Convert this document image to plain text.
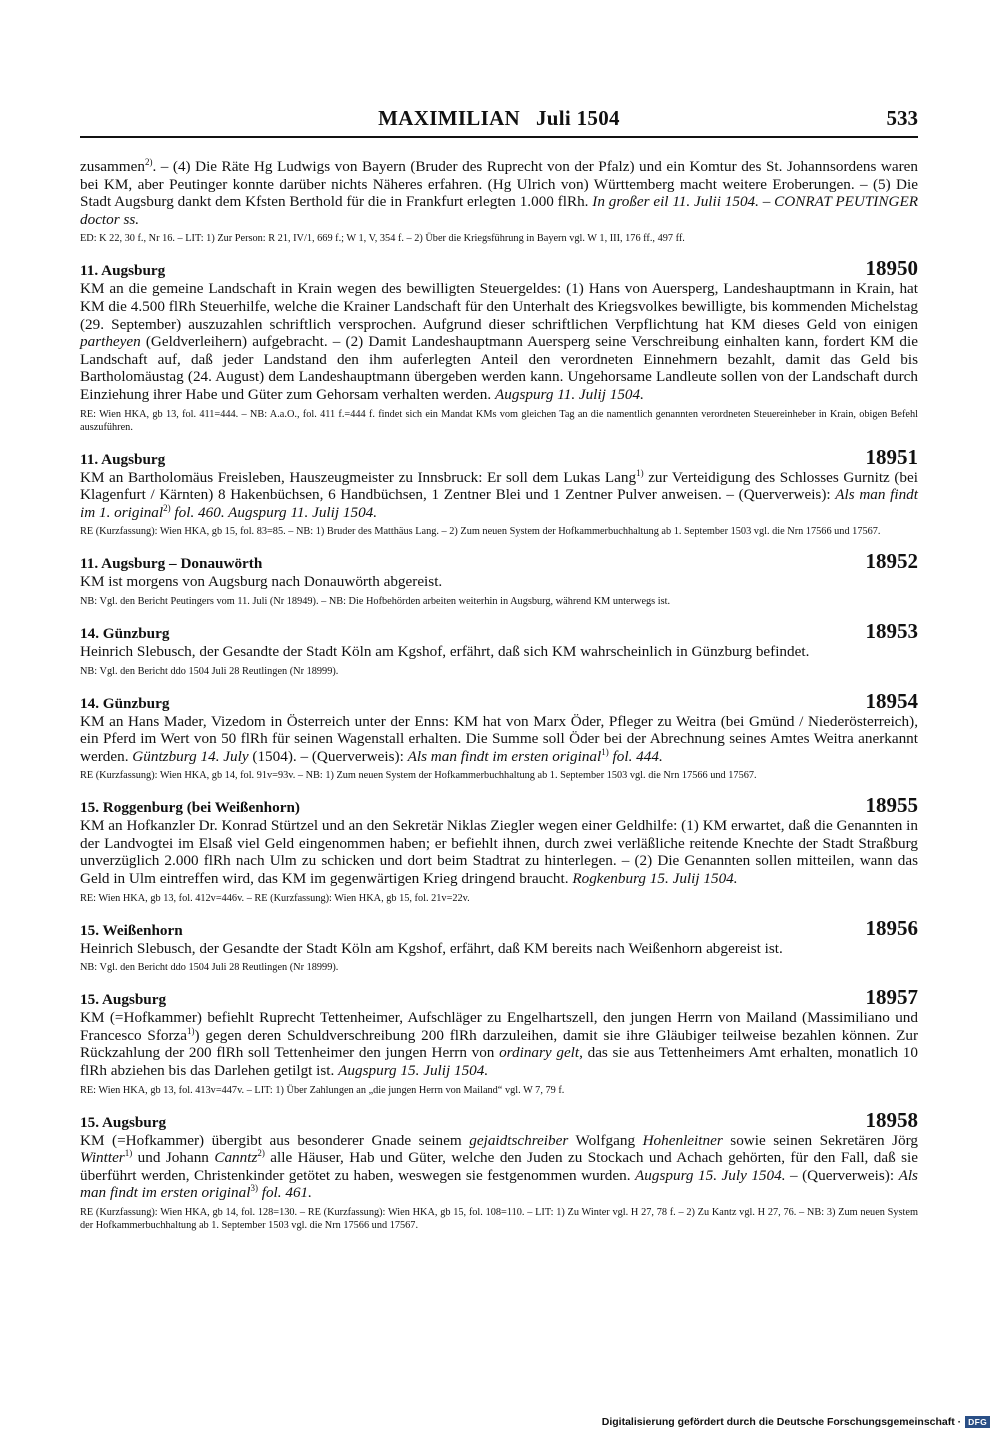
MAXIMILIAN Juli 1504	533
zusammen$^{2)}$. – (4) Die Räte Hg Ludwigs von Bayern (Bruder des Ruprecht von der Pfalz) und ein Komtur des St. Johannsordens waren bei KM, aber Peutinger konnte darüber nichts Näheres erfahren. (Hg Ulrich von) Württemberg macht weitere Eroberungen. – (5) Die Stadt Augsburg dankt dem Kfsten Berthold für die in Frankfurt erlegten 1.000 flRh. In großer eil 11. Julii 1504. – CONRAT PEUTINGER doctor ss.
ED: K 22, 30 f., Nr 16. – LIT: 1) Zur Person: R 21, IV/1, 669 f.; W 1, V, 354 f. – 2) Über die Kriegsführung in Bayern vgl. W 1, III, 176 ff., 497 ff.
11. Augsburg	18950
KM an die gemeine Landschaft in Krain wegen des bewilligten Steuergeldes: (1) Hans von Auersperg, Landeshauptmann in Krain, hat KM die 4.500 flRh Steuerhilfe, welche die Krainer Landschaft für den Unterhalt des Kriegsvolkes bewilligte, bis kommenden Michelstag (29. September) auszuzahlen schriftlich versprochen. Aufgrund dieser schriftlichen Verpflichtung hat KM dieses Geld von einigen partheyen (Geldverleihern) aufgebracht. – (2) Damit Landeshauptmann Auersperg seine Verschreibung einhalten kann, fordert KM die Landschaft auf, daß jeder Landstand den ihm auferlegten Anteil den verordneten Einnehmern bezahlt, damit das Geld bis Bartholomäustag (24. August) dem Landeshauptmann übergeben werden kann. Ungehorsame Landleute sollen von der Landschaft durch Einziehung ihrer Habe und Güter zum Gehorsam verhalten werden. Augspurg 11. Julij 1504.
RE: Wien HKA, gb 13, fol. 411=444. – NB: A.a.O., fol. 411 f.=444 f. findet sich ein Mandat KMs vom gleichen Tag an die namentlich genannten verordneten Steuereinheber in Krain, obigen Befehl auszuführen.
11. Augsburg	18951
KM an Bartholomäus Freisleben, Hauszeugmeister zu Innsbruck: Er soll dem Lukas Lang$^{1)}$ zur Verteidigung des Schlosses Gurnitz (bei Klagenfurt / Kärnten) 8 Hakenbüchsen, 6 Handbüchsen, 1 Zentner Blei und 1 Zentner Pulver anweisen. – (Querverweis): Als man findt im 1. original$^{2)}$ fol. 460. Augspurg 11. Julij 1504.
RE (Kurzfassung): Wien HKA, gb 15, fol. 83=85. – NB: 1) Bruder des Matthäus Lang. – 2) Zum neuen System der Hofkammerbuchhaltung ab 1. September 1503 vgl. die Nrn 17566 und 17567.
11. Augsburg – Donauwörth	18952
KM ist morgens von Augsburg nach Donauwörth abgereist.
NB: Vgl. den Bericht Peutingers vom 11. Juli (Nr 18949). – NB: Die Hofbehörden arbeiten weiterhin in Augsburg, während KM unterwegs ist.
14. Günzburg	18953
Heinrich Slebusch, der Gesandte der Stadt Köln am Kgshof, erfährt, daß sich KM wahrscheinlich in Günzburg befindet.
NB: Vgl. den Bericht ddo 1504 Juli 28 Reutlingen (Nr 18999).
14. Günzburg	18954
KM an Hans Mader, Vizedom in Österreich unter der Enns: KM hat von Marx Öder, Pfleger zu Weitra (bei Gmünd / Niederösterreich), ein Pferd im Wert von 50 flRh für seinen Wagenstall erhalten. Die Summe soll Öder bei der Abrechnung seines Amtes Weitra anerkannt werden. Güntzburg 14. July (1504). – (Querverweis): Als man findt im ersten original$^{1)}$ fol. 444.
RE (Kurzfassung): Wien HKA, gb 14, fol. 91v=93v. – NB: 1) Zum neuen System der Hofkammerbuchhaltung ab 1. September 1503 vgl. die Nrn 17566 und 17567.
15. Roggenburg (bei Weißenhorn)	18955
KM an Hofkanzler Dr. Konrad Stürtzel und an den Sekretär Niklas Ziegler wegen einer Geldhilfe: (1) KM erwartet, daß die Genannten in der Landvogtei im Elsaß viel Geld eingenommen haben; er befiehlt ihnen, durch zwei verläßliche reitende Knechte der Stadt Straßburg unverzüglich 2.000 flRh nach Ulm zu schicken und dort beim Stadtrat zu hinterlegen. – (2) Die Genannten sollen mitteilen, wann das Geld in Ulm eintreffen wird, das KM im gegenwärtigen Krieg dringend braucht. Rogkenburg 15. Julij 1504.
RE: Wien HKA, gb 13, fol. 412v=446v. – RE (Kurzfassung): Wien HKA, gb 15, fol. 21v=22v.
15. Weißenhorn	18956
Heinrich Slebusch, der Gesandte der Stadt Köln am Kgshof, erfährt, daß KM bereits nach Weißenhorn abgereist ist.
NB: Vgl. den Bericht ddo 1504 Juli 28 Reutlingen (Nr 18999).
15. Augsburg	18957
KM (=Hofkammer) befiehlt Ruprecht Tettenheimer, Aufschläger zu Engelhartszell, den jungen Herrn von Mailand (Massimiliano und Francesco Sforza$^{1)}$) gegen deren Schuldverschreibung 200 flRh darzuleihen, damit sie ihre Gläubiger teilweise bezahlen können. Zur Rückzahlung der 200 flRh soll Tettenheimer den jungen Herrn von ordinary gelt, das sie aus Tettenheimers Amt erhalten, monatlich 10 flRh abziehen bis das Darlehen getilgt ist. Augspurg 15. Julij 1504.
RE: Wien HKA, gb 13, fol. 413v=447v. – LIT: 1) Über Zahlungen an „die jungen Herrn von Mailand“ vgl. W 7, 79 f.
15. Augsburg	18958
KM (=Hofkammer) übergibt aus besonderer Gnade seinem gejaidtschreiber Wolfgang Hohenleitner sowie seinen Sekretären Jörg Wintter$^{1)}$ und Johann Canntz$^{2)}$ alle Häuser, Hab und Güter, welche den Juden zu Stockach und Achach gehörten, für den Fall, daß sie überführt werden, Christenkinder getötet zu haben, weswegen sie festgenommen wurden. Augspurg 15. July 1504. – (Querverweis): Als man findt im ersten original$^{3)}$ fol. 461.
RE (Kurzfassung): Wien HKA, gb 14, fol. 128=130. – RE (Kurzfassung): Wien HKA, gb 15, fol. 108=110. – LIT: 1) Zu Winter vgl. H 27, 78 f. – 2) Zu Kantz vgl. H 27, 76. – NB: 3) Zum neuen System der Hofkammerbuchhaltung ab 1. September 1503 vgl. die Nrn 17566 und 17567.
Digitalisierung gefördert durch die Deutsche Forschungsgemeinschaft · DFG
